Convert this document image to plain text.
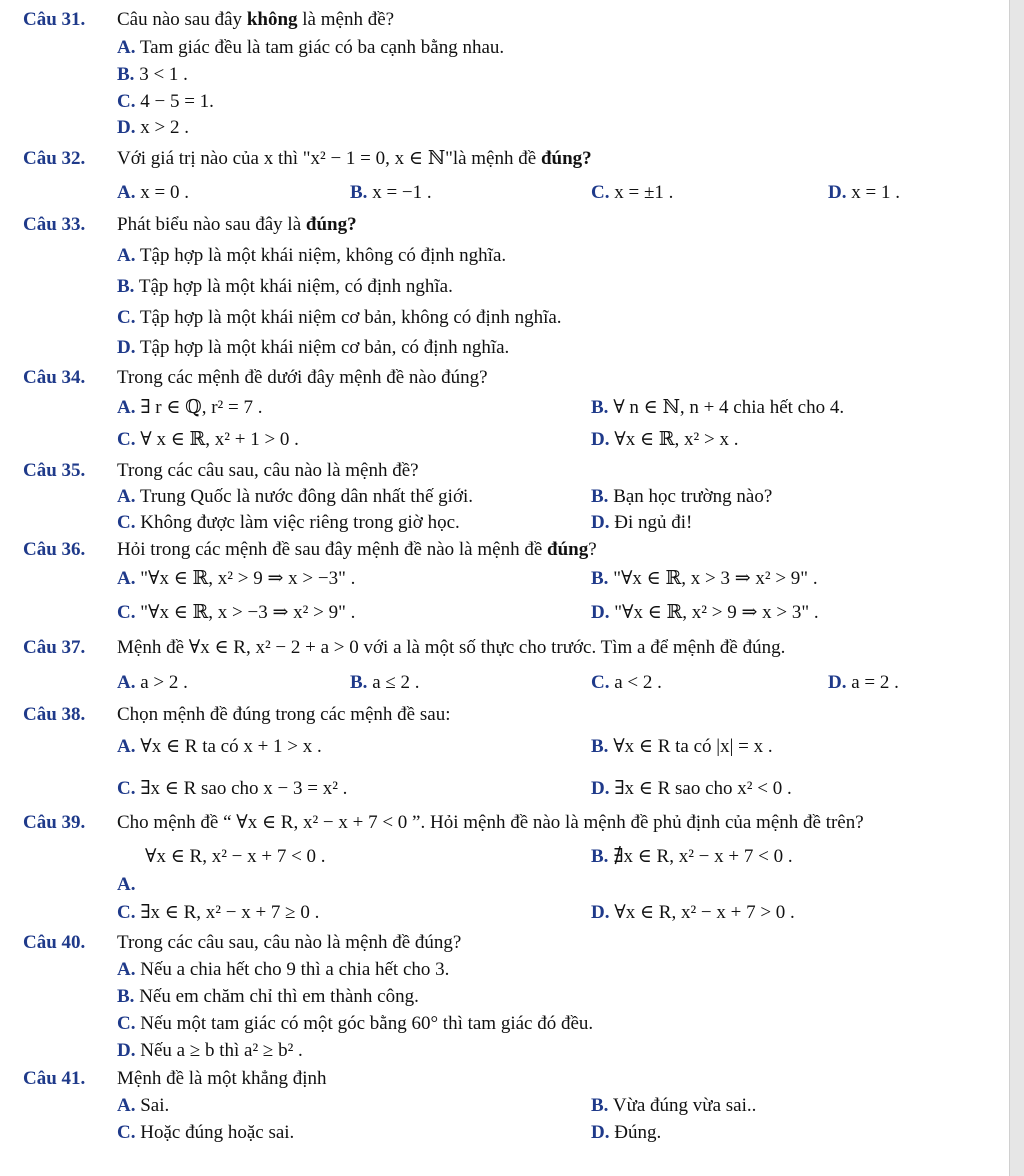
Câu 31. Câu nào sau đây không là mệnh đề?
A. Tam giác đều là tam giác có ba cạnh bằng nhau.
B. 3 < 1 .
C. 4 − 5 = 1.
D. x > 2 .
Câu 32. Với giá trị nào của x thì "x² − 1 = 0, x ∈ ℕ"là mệnh đề đúng?
A. x = 0 .	B. x = −1 .	C. x = ±1 .	D. x = 1 .
Câu 33. Phát biểu nào sau đây là đúng?
A. Tập hợp là một khái niệm, không có định nghĩa.
B. Tập hợp là một khái niệm, có định nghĩa.
C. Tập hợp là một khái niệm cơ bản, không có định nghĩa.
D. Tập hợp là một khái niệm cơ bản, có định nghĩa.
Câu 34. Trong các mệnh đề dưới đây mệnh đề nào đúng?
A. ∃ r ∈ ℚ, r² = 7 .	B. ∀ n ∈ ℕ, n + 4 chia hết cho 4.
C. ∀ x ∈ ℝ, x² + 1 > 0 .	D. ∀x ∈ ℝ, x² > x .
Câu 35. Trong các câu sau, câu nào là mệnh đề?
A. Trung Quốc là nước đông dân nhất thế giới.	B. Bạn học trường nào?
C. Không được làm việc riêng trong giờ học.	D. Đi ngủ đi!
Câu 36. Hỏi trong các mệnh đề sau đây mệnh đề nào là mệnh đề đúng?
A. "∀x ∈ ℝ, x² > 9 ⇒ x > −3" .	B. "∀x ∈ ℝ, x > 3 ⇒ x² > 9" .
C. "∀x ∈ ℝ, x > −3 ⇒ x² > 9" .	D. "∀x ∈ ℝ, x² > 9 ⇒ x > 3" .
Câu 37. Mệnh đề ∀x ∈ R, x² − 2 + a > 0 với a là một số thực cho trước. Tìm a để mệnh đề đúng.
A. a > 2 .	B. a ≤ 2 .	C. a < 2 .	D. a = 2 .
Câu 38. Chọn mệnh đề đúng trong các mệnh đề sau:
A. ∀x ∈ R ta có x + 1 > x .	B. ∀x ∈ R ta có |x| = x .
C. ∃x ∈ R sao cho x − 3 = x² .	D. ∃x ∈ R sao cho x² < 0 .
Câu 39. Cho mệnh đề “ ∀x ∈ R, x² − x + 7 < 0 ”. Hỏi mệnh đề nào là mệnh đề phủ định của mệnh đề trên?
A.
∀x ∈ R, x² − x + 7 < 0 .	B. ∄x ∈ R, x² − x + 7 < 0 .
C. ∃x ∈ R, x² − x + 7 ≥ 0 .	D. ∀x ∈ R, x² − x + 7 > 0 .
Câu 40. Trong các câu sau, câu nào là mệnh đề đúng?
A. Nếu a chia hết cho 9 thì a chia hết cho 3.
B. Nếu em chăm chỉ thì em thành công.
C. Nếu một tam giác có một góc bằng 60° thì tam giác đó đều.
D. Nếu a ≥ b thì a² ≥ b² .
Câu 41. Mệnh đề là một khẳng định
A. Sai.	B. Vừa đúng vừa sai..
C. Hoặc đúng hoặc sai.	D. Đúng.
